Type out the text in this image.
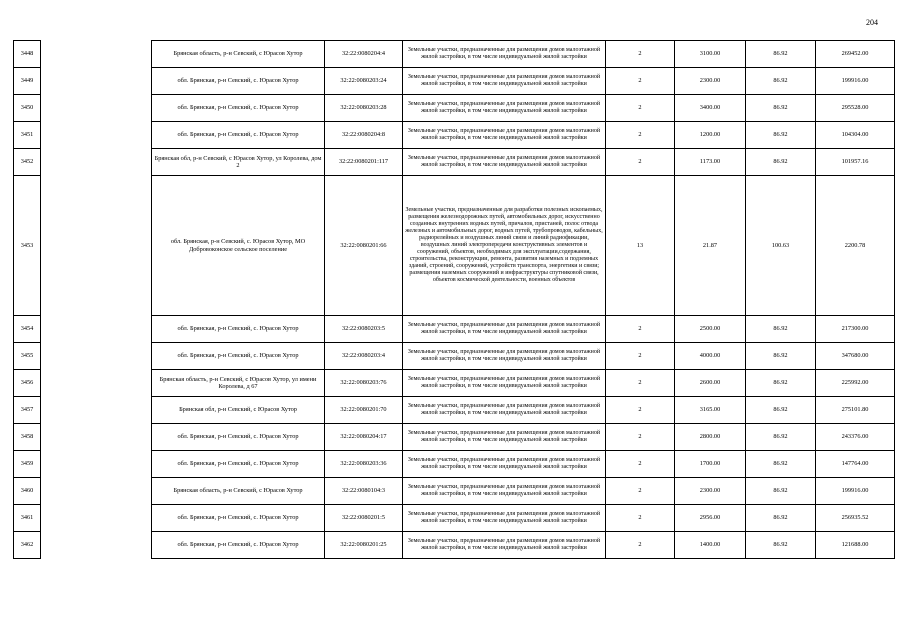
204
3448		Брянская область, р-н Севский, с Юрасов Хутор	32:22:0080204:4	Земельные участки, предназначенные для размещения домов малоэтажной жилой застройки, в том числе индивидуальной жилой застройки	2	3100.00	86.92	269452.00
3449		обл. Брянская, р-н Севский, с. Юрасов Хутор	32:22:0080203:24	Земельные участки, предназначенные для размещения домов малоэтажной жилой застройки, в том числе индивидуальной жилой застройки	2	2300.00	86.92	199916.00
3450		обл. Брянская, р-н Севский, с. Юрасов Хутор	32:22:0080203:28	Земельные участки, предназначенные для размещения домов малоэтажной жилой застройки, в том числе индивидуальной жилой застройки	2	3400.00	86.92	295528.00
3451		обл. Брянская, р-н Севский, с. Юрасов Хутор	32:22:0080204:8	Земельные участки, предназначенные для размещения домов малоэтажной жилой застройки, в том числе индивидуальной жилой застройки	2	1200.00	86.92	104304.00
3452		Брянская обл, р-н Севский, с Юрасов Хутор, ул Королева, дом 2	32:22:0080201:117	Земельные участки, предназначенные для размещения домов малоэтажной жилой застройки, в том числе индивидуальной жилой застройки	2	1173.00	86.92	101957.16
3453		обл. Брянская, р-н Севский, с. Юрасов Хутор, МО Добровоконское сельское поселение	32:22:0080201:66	Земельные участки, предназначенные для разработки полезных ископаемых, размещения железнодорожных путей, автомобильных дорог, искусственно созданных внутренних водных путей, причалов, пристаней, полос отвода железных и автомобильных дорог, водных путей, трубопроводов, кабельных, радиорелейных и воздушных линий связи и линий радиофикации, воздушных линий электропередачи конструктивных элементов и сооружений, объектов, необходимых для эксплуатации,содержания, строительства, реконструкции, ремонта, развития наземных и подземных зданий, строений, сооружений, устройств транспорта, энергетики и связи; размещения наземных сооружений и инфраструктуры спутниковой связи, объектов космической деятельности, военных объектов	13	21.87	100.63	2200.78
3454		обл. Брянская, р-н Севский, с. Юрасов Хутор	32:22:0080203:5	Земельные участки, предназначенные для размещения домов малоэтажной жилой застройки, в том числе индивидуальной жилой застройки	2	2500.00	86.92	217300.00
3455		обл. Брянская, р-н Севский, с. Юрасов Хутор	32:22:0080203:4	Земельные участки, предназначенные для размещения домов малоэтажной жилой застройки, в том числе индивидуальной жилой застройки	2	4000.00	86.92	347680.00
3456		Брянская область, р-н Севский, с Юрасов Хутор, ул имени Королева, д 67	32:22:0080203:76	Земельные участки, предназначенные для размещения домов малоэтажной жилой застройки, в том числе индивидуальной жилой застройки	2	2600.00	86.92	225992.00
3457		Брянская обл, р-н Севский, с Юрасов Хутор	32:22:0080201:70	Земельные участки, предназначенные для размещения домов малоэтажной жилой застройки, в том числе индивидуальной жилой застройки	2	3165.00	86.92	275101.80
3458		обл. Брянская, р-н Севский, с. Юрасов Хутор	32:22:0080204:17	Земельные участки, предназначенные для размещения домов малоэтажной жилой застройки, в том числе индивидуальной жилой застройки	2	2800.00	86.92	243376.00
3459		обл. Брянская, р-н Севский, с. Юрасов Хутор	32:22:0080203:36	Земельные участки, предназначенные для размещения домов малоэтажной жилой застройки, в том числе индивидуальной жилой застройки	2	1700.00	86.92	147764.00
3460		Брянская область, р-н Севский, с Юрасов Хутор	32:22:0080104:3	Земельные участки, предназначенные для размещения домов малоэтажной жилой застройки, в том числе индивидуальной жилой застройки	2	2300.00	86.92	199916.00
3461		обл. Брянская, р-н Севский, с. Юрасов Хутор	32:22:0080201:5	Земельные участки, предназначенные для размещения домов малоэтажной жилой застройки, в том числе индивидуальной жилой застройки	2	2956.00	86.92	256935.52
3462		обл. Брянская, р-н Севский, с. Юрасов Хутор	32:22:0080201:25	Земельные участки, предназначенные для размещения домов малоэтажной жилой застройки, в том числе индивидуальной жилой застройки	2	1400.00	86.92	121688.00
